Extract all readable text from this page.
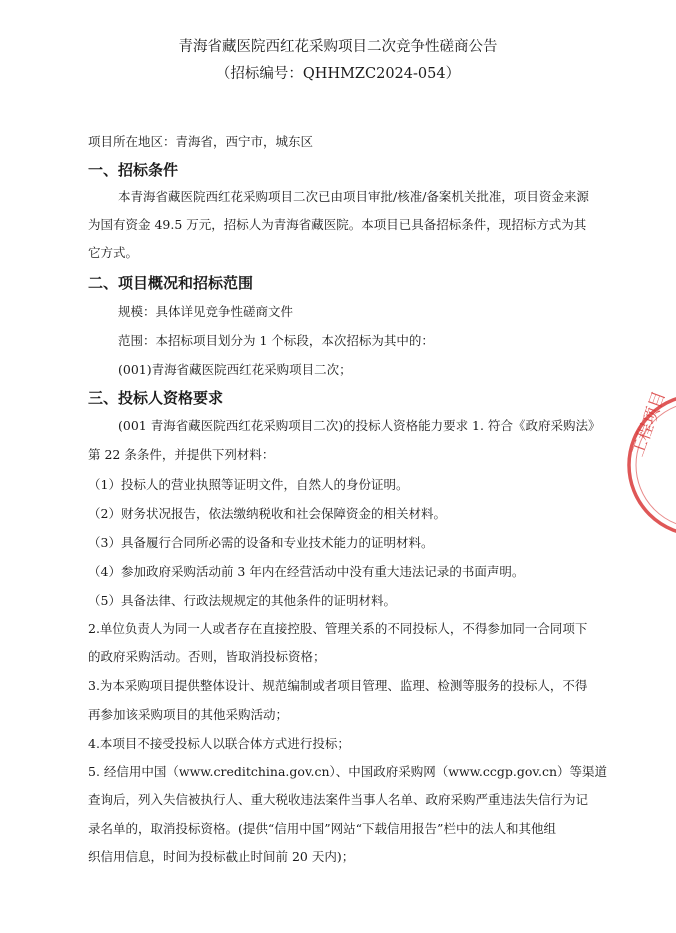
青海省藏医院西红花采购项目二次竞争性磋商公告
（招标编号：QHHMZC2024-054）
项目所在地区：青海省，西宁市，城东区
一、招标条件
本青海省藏医院西红花采购项目二次已由项目审批/核准/备案机关批准，项目资金来源
为国有资金 49.5 万元，招标人为青海省藏医院。本项目已具备招标条件，现招标方式为其
它方式。
二、项目概况和招标范围
规模：具体详见竞争性磋商文件
范围：本招标项目划分为 1 个标段，本次招标为其中的：
(001)青海省藏医院西红花采购项目二次；
三、投标人资格要求
(001 青海省藏医院西红花采购项目二次)的投标人资格能力要求 1. 符合《政府采购法》
第 22 条条件，并提供下列材料：
（1）投标人的营业执照等证明文件，自然人的身份证明。
（2）财务状况报告，依法缴纳税收和社会保障资金的相关材料。
（3）具备履行合同所必需的设备和专业技术能力的证明材料。
（4）参加政府采购活动前 3 年内在经营活动中没有重大违法记录的书面声明。
（5）具备法律、行政法规规定的其他条件的证明材料。
2.单位负责人为同一人或者存在直接控股、管理关系的不同投标人，不得参加同一合同项下
的政府采购活动。否则，皆取消投标资格；
3.为本采购项目提供整体设计、规范编制或者项目管理、监理、检测等服务的投标人，不得
再参加该采购项目的其他采购活动；
4.本项目不接受投标人以联合体方式进行投标；
5. 经信用中国（www.creditchina.gov.cn）、中国政府采购网（www.ccgp.gov.cn）等渠道
查询后，列入失信被执行人、重大税收违法案件当事人名单、政府采购严重违法失信行为记
录名单的，取消投标资格。(提供“信用中国”网站“下载信用报告”栏中的法人和其他组
织信用信息，时间为投标截止时间前 20 天内)；
工程项目
